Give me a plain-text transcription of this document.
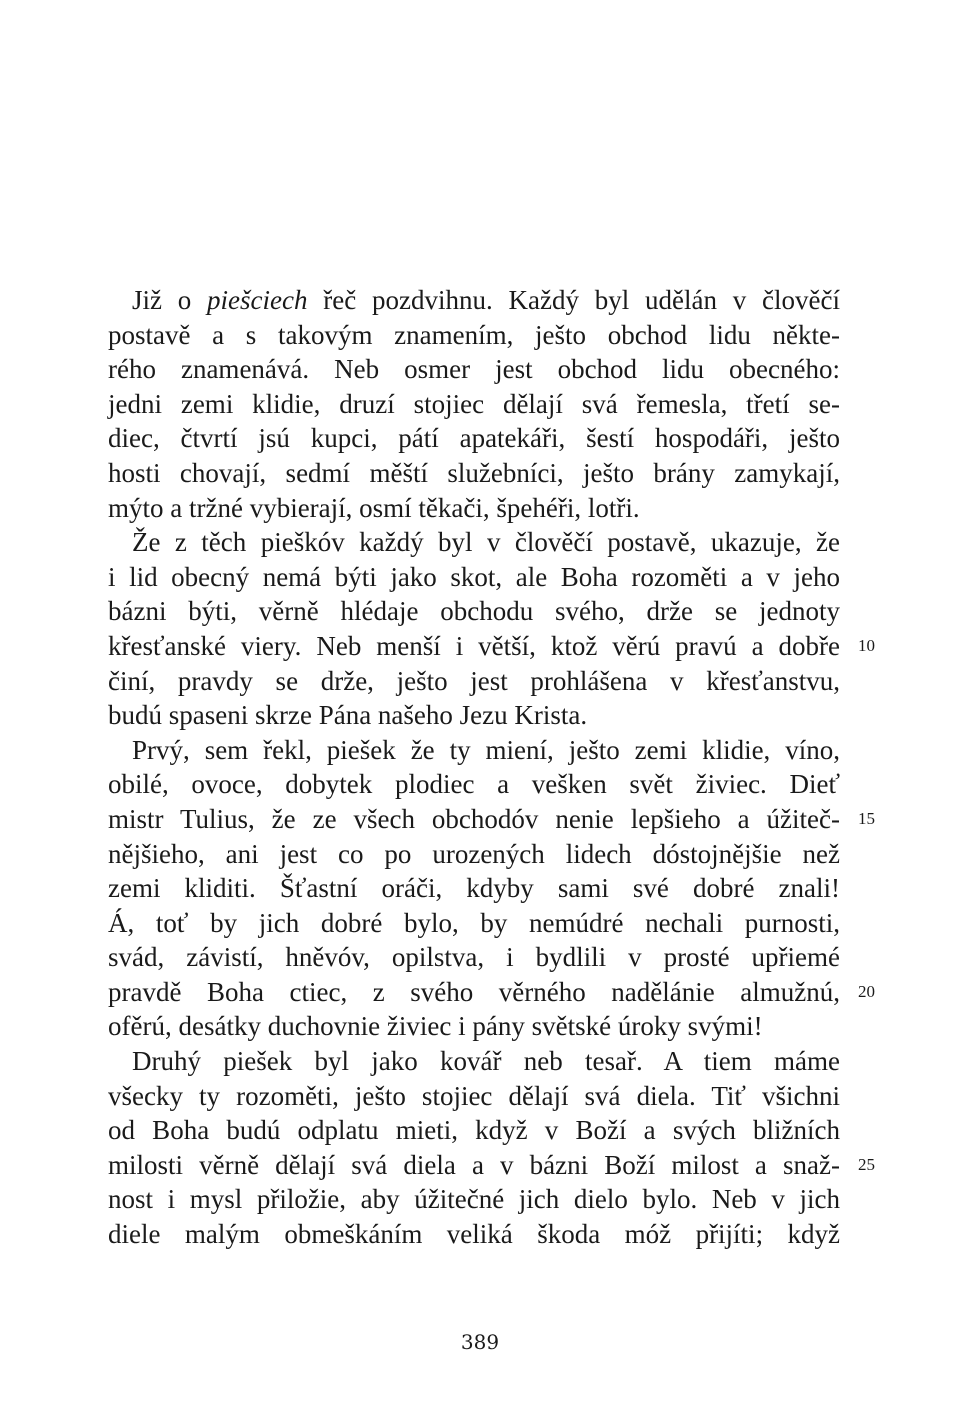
Již o piešciech řeč pozdvihnu. Každý byl udělán v člověčí
postavě a s takovým znamením, ješto obchod lidu někte-
rého znamenává. Neb osmer jest obchod lidu obecného:
jedni zemi klidie, druzí stojiec dělají svá řemesla, třetí se-
diec, čtvrtí jsú kupci, pátí apatekáři, šestí hospodáři, ješto
hosti chovají, sedmí měští služebníci, ješto brány zamykají,
mýto a tržné vybierají, osmí těkači, špehéři, lotři.
Že z těch pieškóv každý byl v člověčí postavě, ukazuje, že
i lid obecný nemá býti jako skot, ale Boha rozoměti a v jeho
bázni býti, věrně hlédaje obchodu svého, drže se jednoty
křesťanské viery. Neb menší i větší, ktož věrú pravú a dobře
činí, pravdy se drže, ješto jest prohlášena v křesťanstvu,
budú spaseni skrze Pána našeho Jezu Krista.
Prvý, sem řekl, piešek že ty miení, ješto zemi klidie, víno,
obilé, ovoce, dobytek plodiec a vešken svět živiec. Dieť
mistr Tulius, že ze všech obchodóv nenie lepšieho a úžiteč-
nějšieho, ani jest co po urozených lidech dóstojnějšie než
zemi kliditi. Šťastní oráči, kdyby sami své dobré znali!
Á, toť by jich dobré bylo, by nemúdré nechali purnosti,
svád, závistí, hněvóv, opilstva, i bydlili v prosté upřiemé
pravdě Boha ctiec, z svého věrného nadělánie almužnú,
ofěrú, desátky duchovnie živiec i pány světské úroky svými!
Druhý piešek byl jako kovář neb tesař. A tiem máme
všecky ty rozoměti, ješto stojiec dělají svá diela. Tiť všichni
od Boha budú odplatu mieti, když v Boží a svých bližních
milosti věrně dělají svá diela a v bázni Boží milost a snaž-
nost i mysl přiložie, aby úžitečné jich dielo bylo. Neb v jich
diele malým obmeškáním veliká škoda móž přijíti; když
10
15
20
25
389
